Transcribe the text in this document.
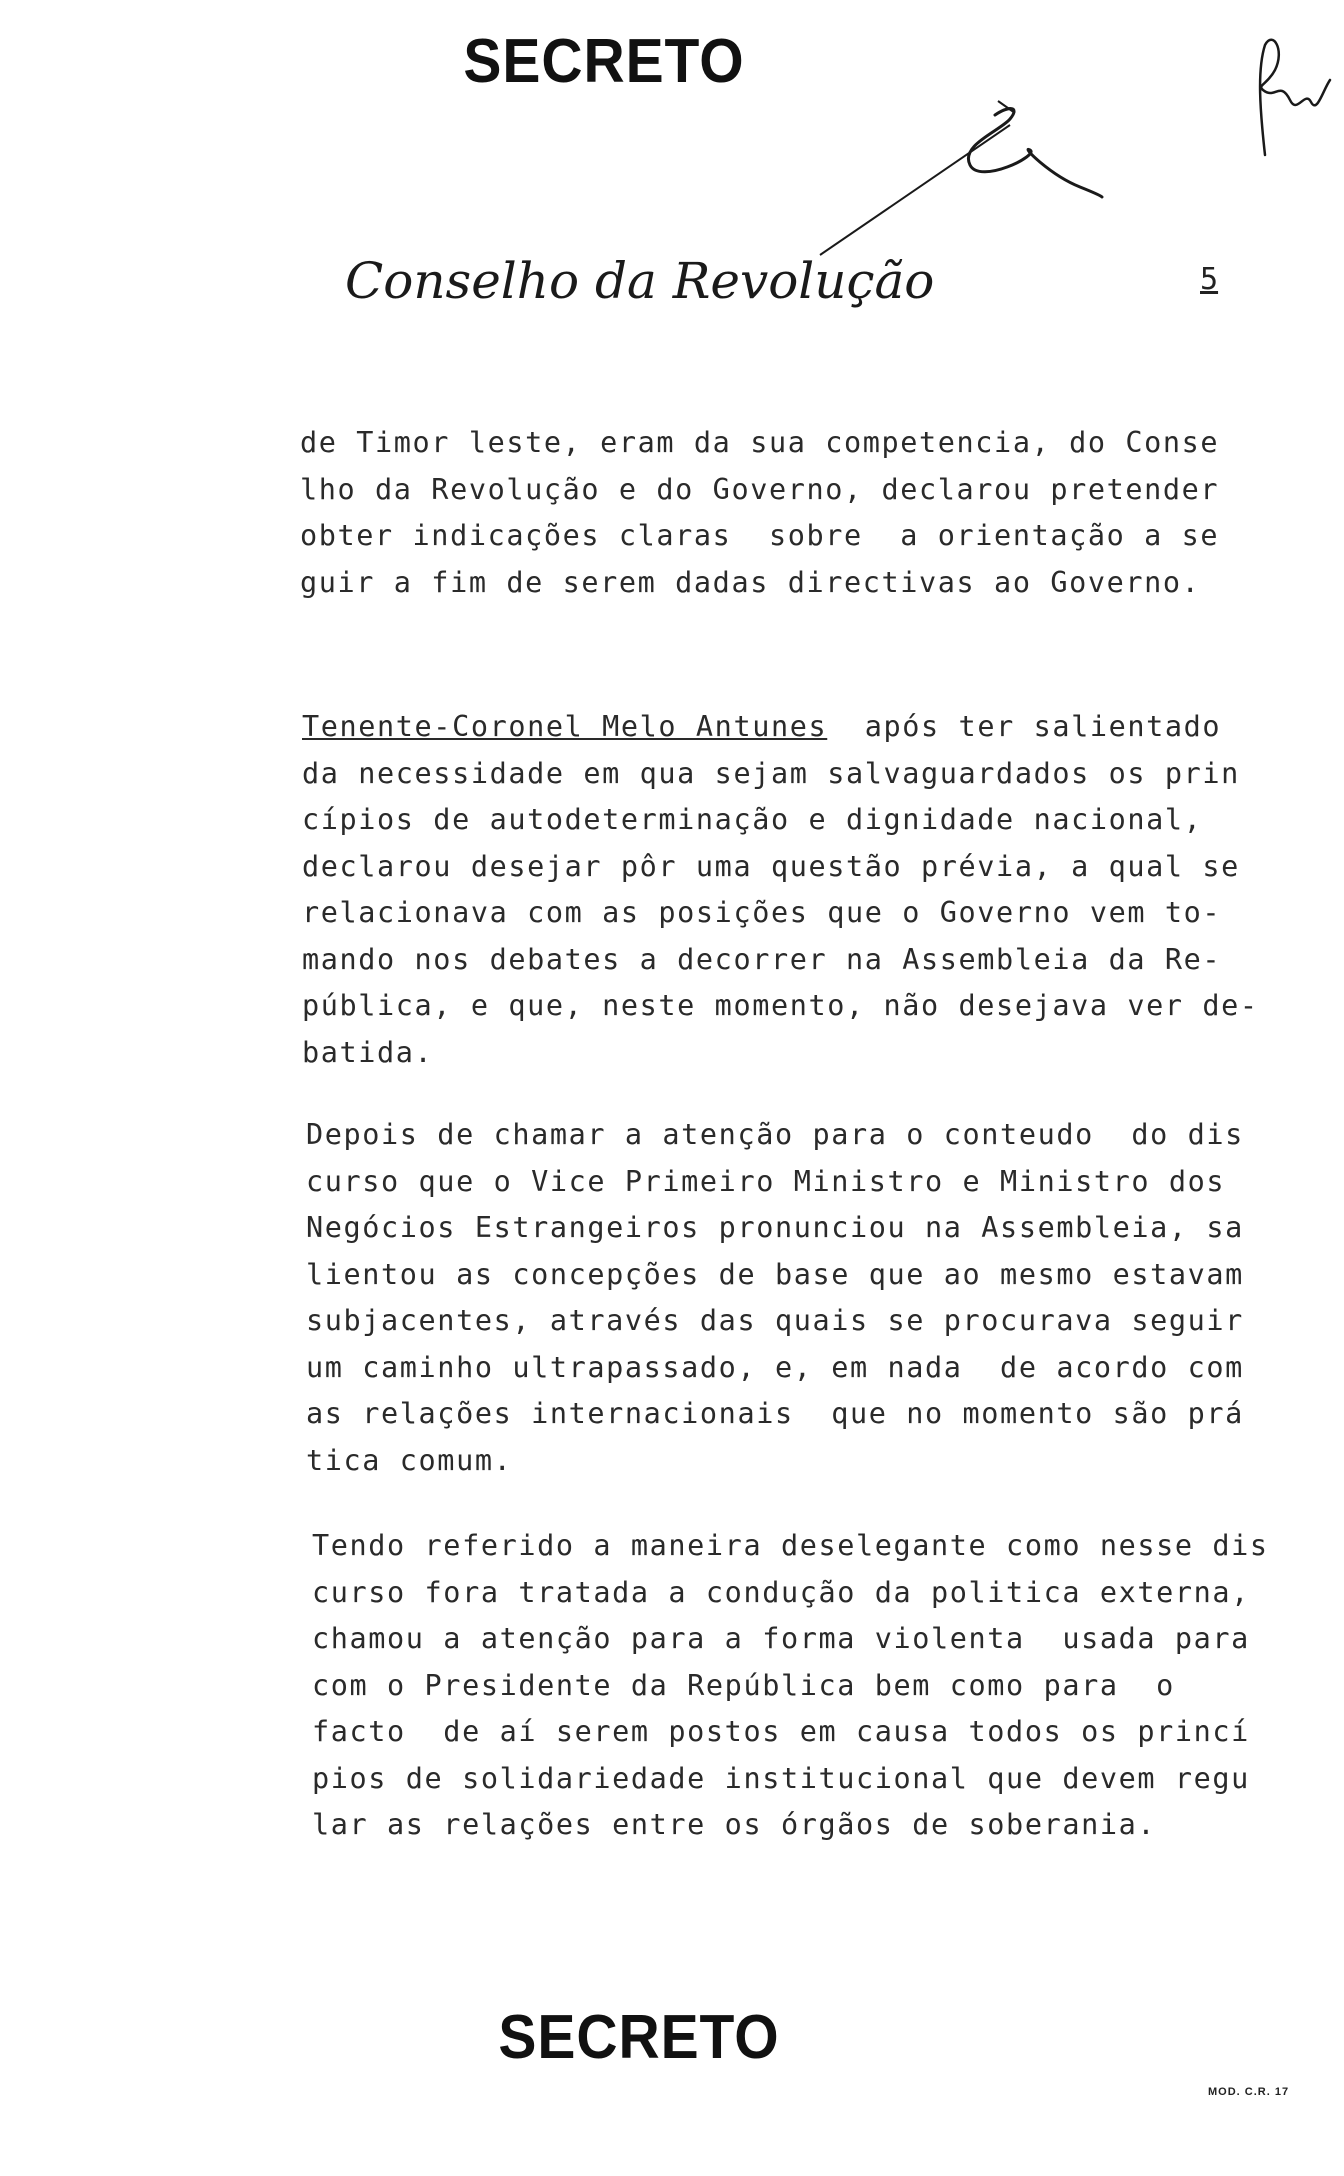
SECRETO
Conselho da Revolução	5
de Timor leste, eram da sua competencia, do Conse
lho da Revolução e do Governo, declarou pretender
obter indicações claras  sobre  a orientação a se
guir a fim de serem dadas directivas ao Governo.
Tenente-Coronel Melo Antunes  após ter salientado
da necessidade em qua sejam salvaguardados os prin
cípios de autodeterminação e dignidade nacional,
declarou desejar pôr uma questão prévia, a qual se
relacionava com as posições que o Governo vem to-
mando nos debates a decorrer na Assembleia da Re-
pública, e que, neste momento, não desejava ver de-
batida.
Depois de chamar a atenção para o conteudo  do dis
curso que o Vice Primeiro Ministro e Ministro dos
Negócios Estrangeiros pronunciou na Assembleia, sa
lientou as concepções de base que ao mesmo estavam
subjacentes, através das quais se procurava seguir
um caminho ultrapassado, e, em nada  de acordo com
as relações internacionais  que no momento são prá
tica comum.
Tendo referido a maneira deselegante como nesse dis
curso fora tratada a condução da politica externa,
chamou a atenção para a forma violenta  usada para
com o Presidente da República bem como para  o
facto  de aí serem postos em causa todos os princí
pios de solidariedade institucional que devem regu
lar as relações entre os órgãos de soberania.
SECRETO
MOD. C.R. 17
